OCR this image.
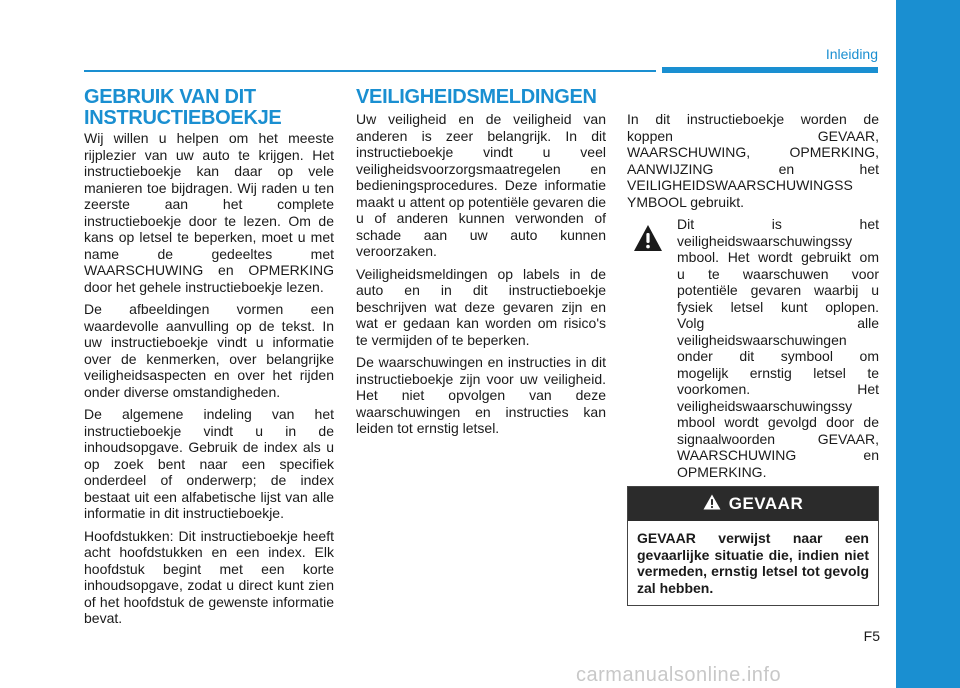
Inleiding
GEBRUIK VAN DIT
INSTRUCTIEBOEKJE

Wij willen u helpen om het meeste rijplezier van uw auto te krijgen. Het instructieboekje kan daar op vele manieren toe bijdragen. Wij raden u ten zeerste aan het complete instructieboekje door te lezen. Om de kans op letsel te beperken, moet u met name de gedeeltes met WAARSCHUWING en OPMERKING door het gehele instructieboekje lezen.

De afbeeldingen vormen een waardevolle aanvulling op de tekst. In uw instructieboekje vindt u informatie over de kenmerken, over belangrijke veiligheidsaspecten en over het rijden onder diverse omstandigheden.

De algemene indeling van het instructieboekje vindt u in de inhoudsopgave. Gebruik de index als u op zoek bent naar een specifiek onderdeel of onderwerp; de index bestaat uit een alfabetische lijst van alle informatie in dit instructieboekje.

Hoofdstukken: Dit instructieboekje heeft acht hoofdstukken en een index. Elk hoofdstuk begint met een korte inhoudsopgave, zodat u direct kunt zien of het hoofdstuk de gewenste informatie bevat.

VEILIGHEIDSMELDINGEN

Uw veiligheid en de veiligheid van anderen is zeer belangrijk. In dit instructieboekje vindt u veel veiligheidsvoorzorgsmaatregelen en bedieningsprocedures. Deze informatie maakt u attent op potentiële gevaren die u of anderen kunnen verwonden of schade aan uw auto kunnen veroorzaken.

Veiligheidsmeldingen op labels in de auto en in dit instructieboekje beschrijven wat deze gevaren zijn en wat er gedaan kan worden om risico's te vermijden of te beperken.

De waarschuwingen en instructies in dit instructieboekje zijn voor uw veiligheid. Het niet opvolgen van deze waarschuwingen en instructies kan leiden tot ernstig letsel.

In dit instructieboekje worden de
koppen GEVAAR,
WAARSCHUWING, OPMERKING,
AANWIJZING en het
VEILIGHEIDSWAARSCHUWINGSS
YMBOOL gebruikt.
Dit is het
veiligheidswaarschuwingssy
mbool. Het wordt gebruikt om
u te waarschuwen voor
potentiële gevaren waarbij u
fysiek letsel kunt oplopen.
Volg alle
veiligheidswaarschuwingen
onder dit symbool om
mogelijk ernstig letsel te
voorkomen. Het
veiligheidswaarschuwingssy
mbool wordt gevolgd door de
signaalwoorden GEVAAR,
WAARSCHUWING en
OPMERKING.
GEVAAR
GEVAAR verwijst naar een gevaarlijke situatie die, indien niet vermeden, ernstig letsel tot gevolg zal hebben.
F5
carmanualsonline.info
